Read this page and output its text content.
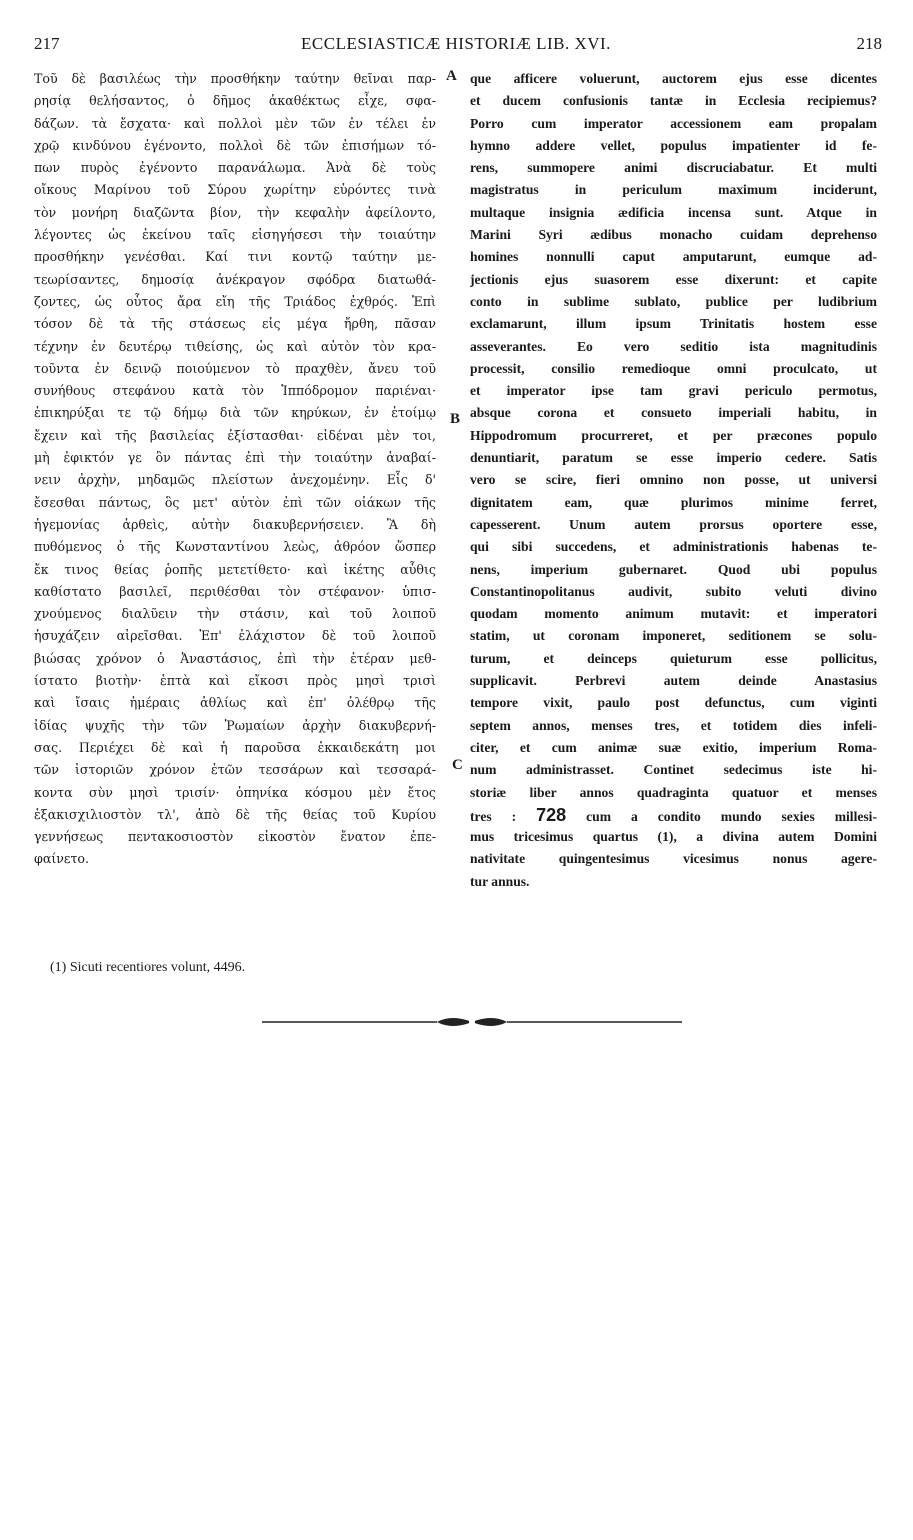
217	ECCLESIASTICÆ HISTORIÆ LIB. XVI.	218
Τοῦ δὲ βασιλέως τὴν προσθήκην ταύτην θεῖναι παρ-
ρησίᾳ θελήσαντος, ὁ δῆμος ἀκαθέκτως εἶχε, σφα-
δάζων. τὰ ἔσχατα· καὶ πολλοὶ μὲν τῶν ἐν τέλει ἐν
χρῷ κινδύνου ἐγένοντο, πολλοὶ δὲ τῶν ἐπισήμων τό-
πων πυρὸς ἐγένοντο παρανάλωμα. Ἀνὰ δὲ τοὺς
οἴκους Μαρίνου τοῦ Σύρου χωρίτην εὑρόντες τινὰ
τὸν μονήρη διαζῶντα βίον, τὴν κεφαλὴν ἀφείλοντο,
λέγοντες ὡς ἐκείνου ταῖς εἰσηγήσεσι τὴν τοιαύτην
προσθήκην γενέσθαι. Καί τινι κοντῷ ταύτην με-
τεωρίσαντες, δημοσίᾳ ἀνέκραγον σφόδρα διατωθά-
ζοντες, ὡς οὗτος ἄρα εἴη τῆς Τριάδος ἐχθρός. Ἐπὶ
τόσον δὲ τὰ τῆς στάσεως εἰς μέγα ἤρθη, πᾶσαν
τέχνην ἐν δευτέρῳ τιθείσης, ὡς καὶ αὐτὸν τὸν κρα-
τοῦντα ἐν δεινῷ ποιούμενον τὸ πραχθὲν, ἄνευ τοῦ
συνήθους στεφάνου κατὰ τὸν Ἱππόδρομον παριέναι·
ἐπικηρύξαι τε τῷ δήμῳ διὰ τῶν κηρύκων, ἐν ἑτοίμῳ
ἔχειν καὶ τῆς βασιλείας ἐξίστασθαι· εἰδέναι μὲν τοι,
μὴ ἐφικτόν γε ὂν πάντας ἐπὶ τὴν τοιαύτην ἀναβαί-
νειν ἀρχὴν, μηδαμῶς πλείστων ἀνεχομένην. Εἷς δ'
ἔσεσθαι πάντως, ὃς μετ' αὐτὸν ἐπὶ τῶν οἰάκων τῆς
ἡγεμονίας ἀρθεὶς, αὐτὴν διακυβερνήσειεν. Ἃ δὴ
πυθόμενος ὁ τῆς Κωνσταντίνου λεὼς, ἀθρόον ὥσπερ
ἔκ τινος θείας ῥοπῆς μετετίθετο· καὶ ἱκέτης αὖθις
καθίστατο βασιλεῖ, περιθέσθαι τὸν στέφανον· ὑπισ-
χνούμενος διαλῦειν τὴν στάσιν, καὶ τοῦ λοιποῦ
ἡσυχάζειν αἱρεῖσθαι. Ἐπ' ἐλάχιστον δὲ τοῦ λοιποῦ
βιώσας χρόνον ὁ Ἀναστάσιος, ἐπὶ τὴν ἑτέραν μεθ-
ίστατο βιοτὴν· ἑπτὰ καὶ εἴκοσι πρὸς μησὶ τρισὶ
καὶ ἴσαις ἡμέραις ἀθλίως καὶ ἐπ' ὀλέθρῳ τῆς
ἰδίας ψυχῆς τὴν τῶν Ῥωμαίων ἀρχὴν διακυβερνή-
σας. Περιέχει δὲ καὶ ἡ παροῦσα ἑκκαιδεκάτη μοι
τῶν ἱστοριῶν χρόνον ἐτῶν τεσσάρων καὶ τεσσαρά-
κοντα σὺν μησὶ τρισίν· ὁπηνίκα κόσμου μὲν ἔτος
ἑξακισχιλιοστὸν τλ', ἀπὸ δὲ τῆς θείας τοῦ Κυρίου
γεννήσεως πεντακοσιοστὸν εἰκοστὸν ἔνατον ἐπε-
φαίνετο.
que afficere voluerunt, auctorem ejus esse dicentes
et ducem confusionis tantæ in Ecclesia recipiemus?
Porro cum imperator accessionem eam propalam
hymno addere vellet, populus impatienter id fe-
rens, summopere animi discruciabatur. Et multi
magistratus in periculum maximum inciderunt,
multaque insignia ædificia incensa sunt. Atque in
Marini Syri ædibus monacho cuidam deprehenso
homines nonnulli caput amputarunt, eumque ad-
jectionis ejus suasorem esse dixerunt: et capite
conto in sublime sublato, publice per ludibrium
exclamarunt, illum ipsum Trinitatis hostem esse
asseverantes. Eo vero seditio ista magnitudinis
processit, consilio remedioque omni proculcato, ut
et imperator ipse tam gravi periculo permotus,
absque corona et consueto imperiali habitu, in
Hippodromum procurreret, et per præcones populo
denuntiarit, paratum se esse imperio cedere. Satis
vero se scire, fieri omnino non posse, ut universi
dignitatem eam, quæ plurimos minime ferret,
capesserent. Unum autem prorsus oportere esse,
qui sibi succedens, et administrationis habenas te-
nens, imperium gubernaret. Quod ubi populus
Constantinopolitanus audivit, subito veluti divino
quodam momento animum mutavit: et imperatori
statim, ut coronam imponeret, seditionem se solu-
turum, et deinceps quieturum esse pollicitus,
supplicavit. Perbrevi autem deinde Anastasius
tempore vixit, paulo post defunctus, cum viginti
septem annos, menses tres, et totidem dies infeli-
citer, et cum animæ suæ exitio, imperium Roma-
num administrasset. Continet sedecimus iste hi-
storiæ liber annos quadraginta quatuor et menses
tres : 728 cum a condito mundo sexies millesi-
mus tricesimus quartus (1), a divina autem Domini
nativitate quingentesimus vicesimus nonus agere-
tur annus.
A
B
C
(1) Sicuti recentiores volunt, 4496.
